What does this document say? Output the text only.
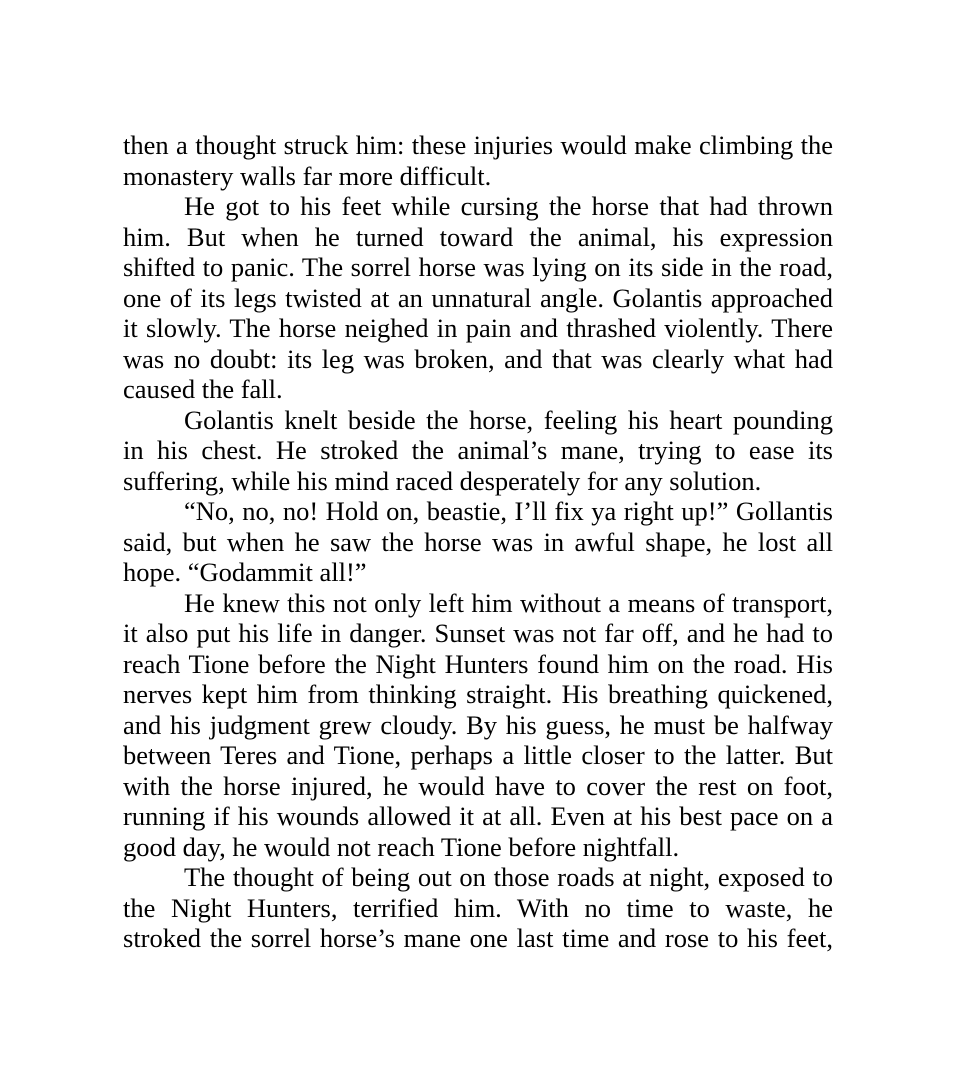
then a thought struck him: these injuries would make climbing the
monastery walls far more difficult.
He got to his feet while cursing the horse that had thrown
him. But when he turned toward the animal, his expression
shifted to panic. The sorrel horse was lying on its side in the road,
one of its legs twisted at an unnatural angle. Golantis approached
it slowly. The horse neighed in pain and thrashed violently. There
was no doubt: its leg was broken, and that was clearly what had
caused the fall.
Golantis knelt beside the horse, feeling his heart pounding
in his chest. He stroked the animal’s mane, trying to ease its
suffering, while his mind raced desperately for any solution.
“No, no, no! Hold on, beastie, I’ll fix ya right up!” Gollantis
said, but when he saw the horse was in awful shape, he lost all
hope. “Godammit all!”
He knew this not only left him without a means of transport,
it also put his life in danger. Sunset was not far off, and he had to
reach Tione before the Night Hunters found him on the road. His
nerves kept him from thinking straight. His breathing quickened,
and his judgment grew cloudy. By his guess, he must be halfway
between Teres and Tione, perhaps a little closer to the latter. But
with the horse injured, he would have to cover the rest on foot,
running if his wounds allowed it at all. Even at his best pace on a
good day, he would not reach Tione before nightfall.
The thought of being out on those roads at night, exposed to
the Night Hunters, terrified him. With no time to waste, he
stroked the sorrel horse’s mane one last time and rose to his feet,
